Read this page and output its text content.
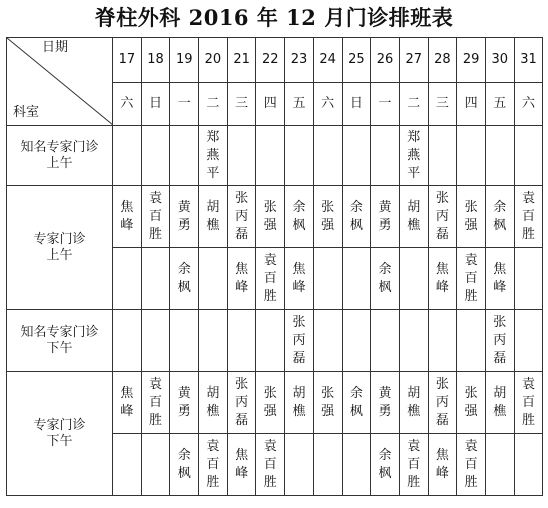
脊柱外科 2016 年 12 月门诊排班表
日期
科室	17	18	19	20	21	22	23	24	25	26	27	28	29	30	31
	六	日	一	二	三	四	五	六	日	一	二	三	四	五	六

知名专家门诊
上午				郑燕平							郑燕平				

专家门诊
上午	焦峰	袁百胜	黄勇	胡樵	张丙磊	张强	余枫	张强	余枫	黄勇	胡樵	张丙磊	张强	余枫	袁百胜
			余枫		焦峰	袁百胜	焦峰			余枫		焦峰	袁百胜	焦峰	

知名专家门诊
下午							张丙磊							张丙磊	

专家门诊
下午	焦峰	袁百胜	黄勇	胡樵	张丙磊	张强	胡樵	张强	余枫	黄勇	胡樵	张丙磊	张强	胡樵	袁百胜
			余枫	袁百胜	焦峰	袁百胜				余枫	袁百胜	焦峰	袁百胜		
